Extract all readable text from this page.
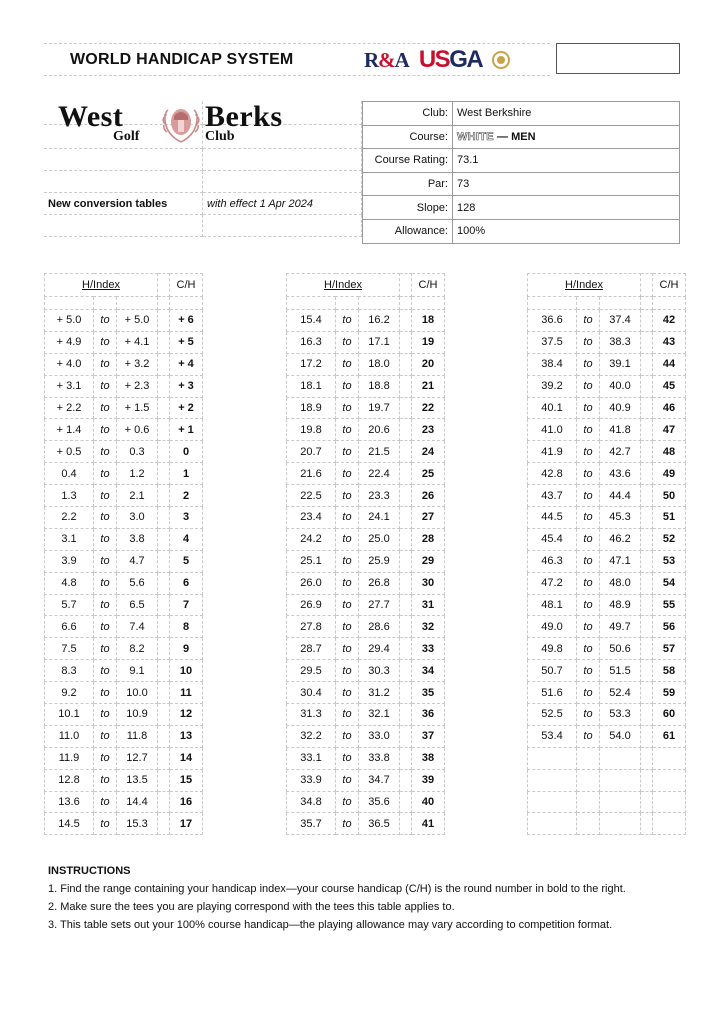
WORLD HANDICAP SYSTEM	R&A USGA
New conversion tables	with effect 1 Apr 2024
West	Berks
Golf	Club
Club:	West Berkshire
Course:	WHITE — MEN
Course Rating:	73.1
Par:	73
Slope:	128
Allowance:	100%
H/Index				C/H

+ 5.0	to	+ 5.0		+ 6
+ 4.9	to	+ 4.1		+ 5
+ 4.0	to	+ 3.2		+ 4
+ 3.1	to	+ 2.3		+ 3
+ 2.2	to	+ 1.5		+ 2
+ 1.4	to	+ 0.6		+ 1
+ 0.5	to	0.3		0
0.4	to	1.2		1
1.3	to	2.1		2
2.2	to	3.0		3
3.1	to	3.8		4
3.9	to	4.7		5
4.8	to	5.6		6
5.7	to	6.5		7
6.6	to	7.4		8
7.5	to	8.2		9
8.3	to	9.1		10
9.2	to	10.0		11
10.1	to	10.9		12
11.0	to	11.8		13
11.9	to	12.7		14
12.8	to	13.5		15
13.6	to	14.4		16
14.5	to	15.3		17
H/Index				C/H

15.4	to	16.2		18
16.3	to	17.1		19
17.2	to	18.0		20
18.1	to	18.8		21
18.9	to	19.7		22
19.8	to	20.6		23
20.7	to	21.5		24
21.6	to	22.4		25
22.5	to	23.3		26
23.4	to	24.1		27
24.2	to	25.0		28
25.1	to	25.9		29
26.0	to	26.8		30
26.9	to	27.7		31
27.8	to	28.6		32
28.7	to	29.4		33
29.5	to	30.3		34
30.4	to	31.2		35
31.3	to	32.1		36
32.2	to	33.0		37
33.1	to	33.8		38
33.9	to	34.7		39
34.8	to	35.6		40
35.7	to	36.5		41
H/Index				C/H

36.6	to	37.4		42
37.5	to	38.3		43
38.4	to	39.1		44
39.2	to	40.0		45
40.1	to	40.9		46
41.0	to	41.8		47
41.9	to	42.7		48
42.8	to	43.6		49
43.7	to	44.4		50
44.5	to	45.3		51
45.4	to	46.2		52
46.3	to	47.1		53
47.2	to	48.0		54
48.1	to	48.9		55
49.0	to	49.7		56
49.8	to	50.6		57
50.7	to	51.5		58
51.6	to	52.4		59
52.5	to	53.3		60
53.4	to	54.0		61

INSTRUCTIONS
1. Find the range containing your handicap index—your course handicap (C/H) is the round number in bold to the right.
2. Make sure the tees you are playing correspond with the tees this table applies to.
3. This table sets out your 100% course handicap—the playing allowance may vary according to competition format.
